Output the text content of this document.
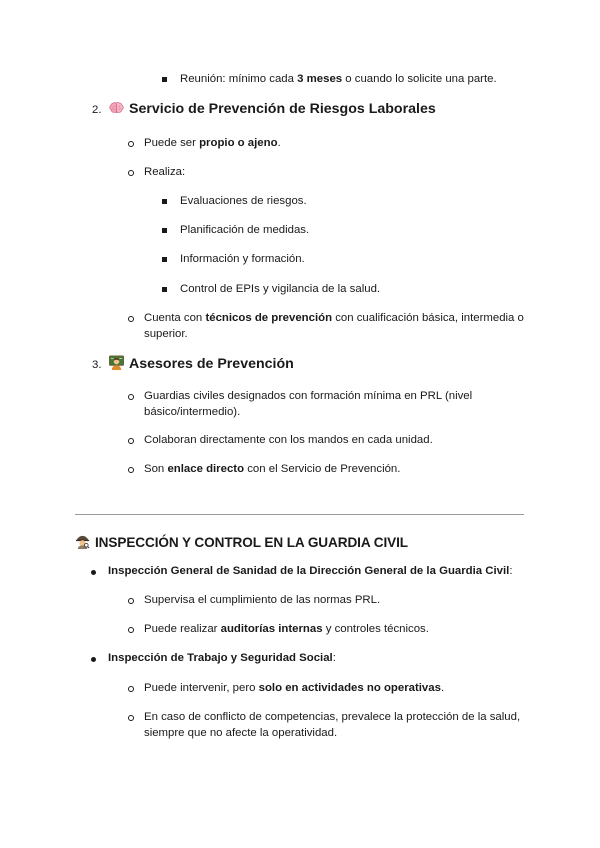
Reunión: mínimo cada 3 meses o cuando lo solicite una parte.
2.	Servicio de Prevención de Riesgos Laborales
Puede ser propio o ajeno.
Realiza:
Evaluaciones de riesgos.
Planificación de medidas.
Información y formación.
Control de EPIs y vigilancia de la salud.
Cuenta con técnicos de prevención con cualificación básica, intermedia o superior.
3.	Asesores de Prevención
Guardias civiles designados con formación mínima en PRL (nivel básico/intermedio).
Colaboran directamente con los mandos en cada unidad.
Son enlace directo con el Servicio de Prevención.
INSPECCIÓN Y CONTROL EN LA GUARDIA CIVIL
Inspección General de Sanidad de la Dirección General de la Guardia Civil:
Supervisa el cumplimiento de las normas PRL.
Puede realizar auditorías internas y controles técnicos.
Inspección de Trabajo y Seguridad Social:
Puede intervenir, pero solo en actividades no operativas.
En caso de conflicto de competencias, prevalece la protección de la salud, siempre que no afecte la operatividad.
